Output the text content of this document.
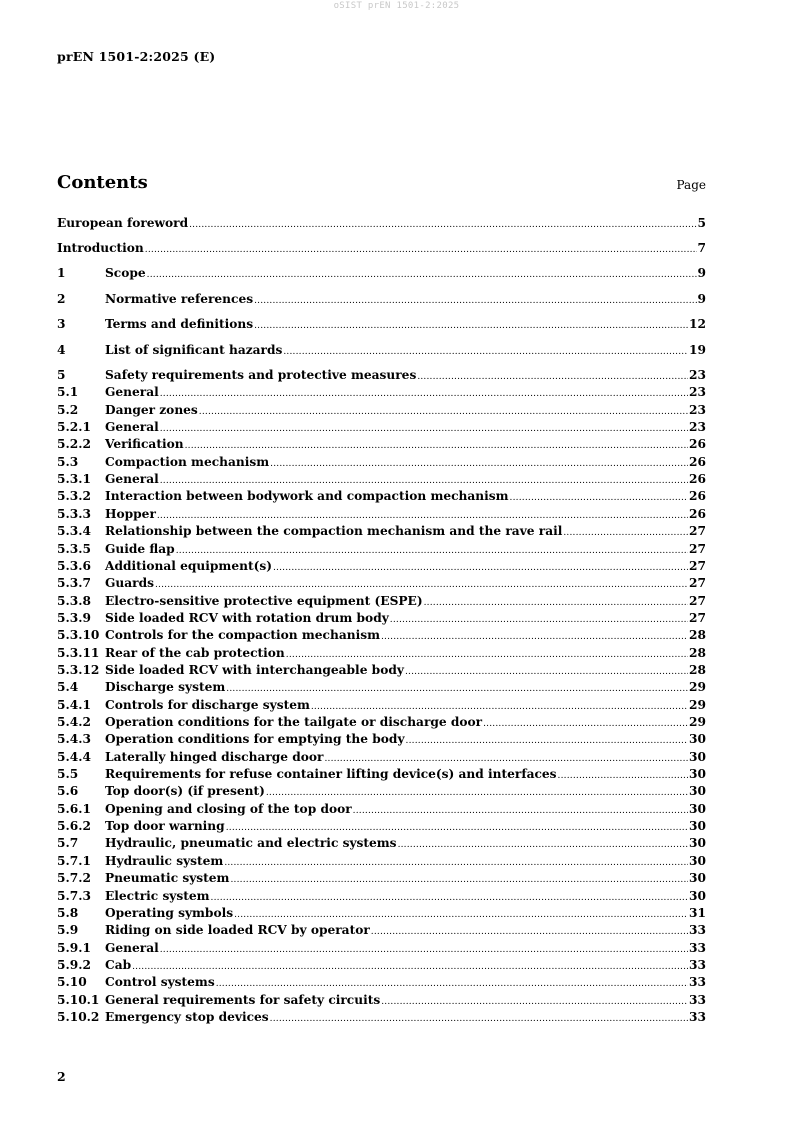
oSIST prEN 1501-2:2025
prEN 1501-2:2025 (E)
Contents	Page
European foreword .....	5
Introduction .....	7
1	Scope .....	9
2	Normative references .....	9
3	Terms and definitions .....	12
4	List of significant hazards .....	19
5	Safety requirements and protective measures .....	23
5.1	General .....	23
5.2	Danger zones .....	23
5.2.1	General .....	23
5.2.2	Verification .....	26
5.3	Compaction mechanism .....	26
5.3.1	General .....	26
5.3.2	Interaction between bodywork and compaction mechanism .....	26
5.3.3	Hopper .....	26
5.3.4	Relationship between the compaction mechanism and the rave rail .....	27
5.3.5	Guide flap .....	27
5.3.6	Additional equipment(s) .....	27
5.3.7	Guards .....	27
5.3.8	Electro-sensitive protective equipment (ESPE) .....	27
5.3.9	Side loaded RCV with rotation drum body .....	27
5.3.10 Controls for the compaction mechanism .....	28
5.3.11 Rear of the cab protection .....	28
5.3.12 Side loaded RCV with interchangeable body .....	28
5.4	Discharge system .....	29
5.4.1	Controls for discharge system .....	29
5.4.2	Operation conditions for the tailgate or discharge door .....	29
5.4.3	Operation conditions for emptying the body .....	30
5.4.4	Laterally hinged discharge door .....	30
5.5	Requirements for refuse container lifting device(s) and interfaces .....	30
5.6	Top door(s) (if present) .....	30
5.6.1	Opening and closing of the top door .....	30
5.6.2	Top door warning .....	30
5.7	Hydraulic, pneumatic and electric systems .....	30
5.7.1	Hydraulic system .....	30
5.7.2	Pneumatic system .....	30
5.7.3	Electric system .....	30
5.8	Operating symbols .....	31
5.9	Riding on side loaded RCV by operator .....	33
5.9.1	General .....	33
5.9.2	Cab .....	33
5.10	Control systems .....	33
5.10.1 General requirements for safety circuits .....	33
5.10.2 Emergency stop devices .....	33
2
